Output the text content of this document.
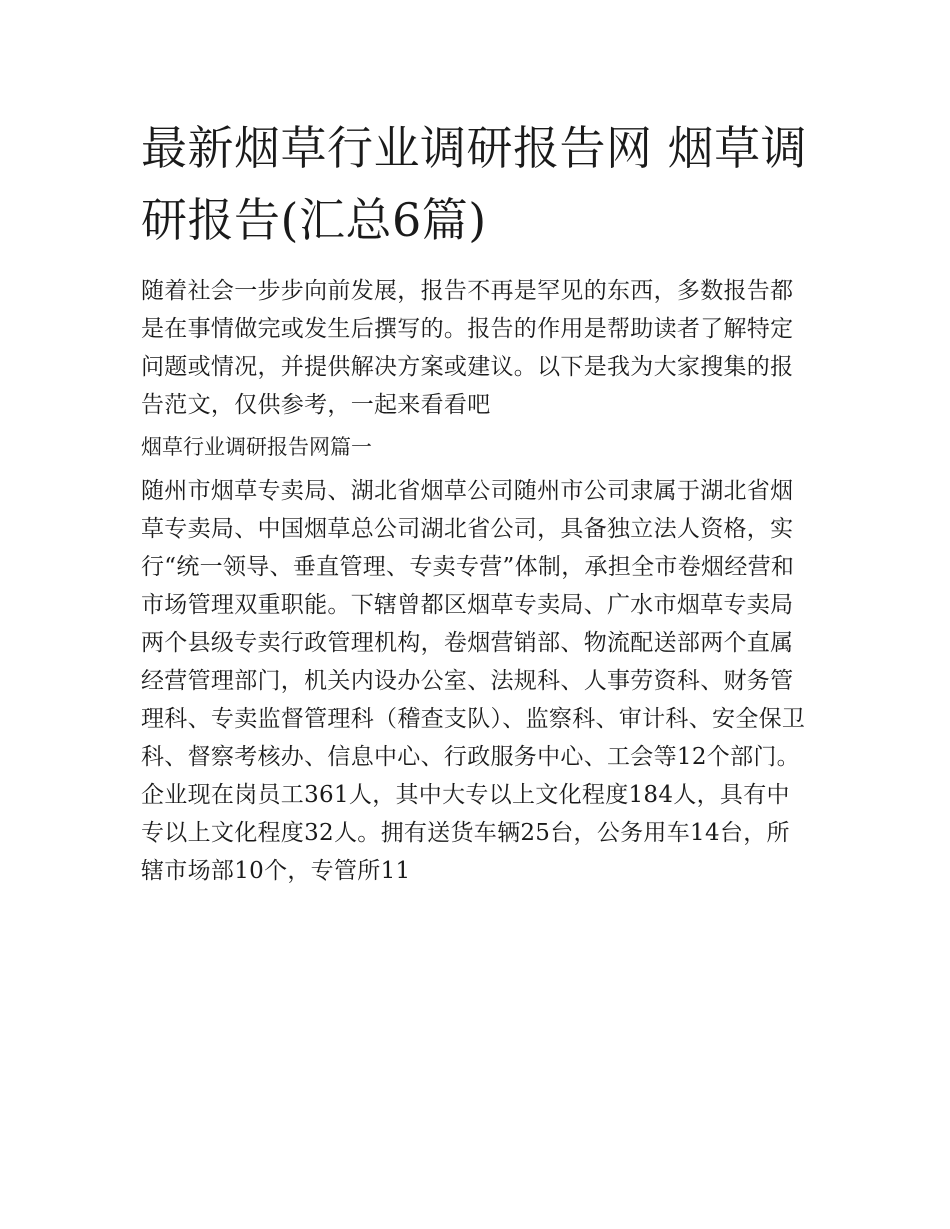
最新烟草行业调研报告网 烟草调研报告(汇总6篇)

随着社会一步步向前发展，报告不再是罕见的东西，多数报告都是在事情做完或发生后撰写的。报告的作用是帮助读者了解特定问题或情况，并提供解决方案或建议。以下是我为大家搜集的报告范文，仅供参考，一起来看看吧

烟草行业调研报告网篇一

随州市烟草专卖局、湖北省烟草公司随州市公司隶属于湖北省烟草专卖局、中国烟草总公司湖北省公司，具备独立法人资格，实行“统一领导、垂直管理、专卖专营”体制，承担全市卷烟经营和市场管理双重职能。下辖曾都区烟草专卖局、广水市烟草专卖局两个县级专卖行政管理机构，卷烟营销部、物流配送部两个直属经营管理部门，机关内设办公室、法规科、人事劳资科、财务管理科、专卖监督管理科（稽查支队）、监察科、审计科、安全保卫科、督察考核办、信息中心、行政服务中心、工会等12个部门。企业现在岗员工361人，其中大专以上文化程度184人，具有中专以上文化程度32人。拥有送货车辆25台，公务用车14台，所辖市场部10个，专管所11
